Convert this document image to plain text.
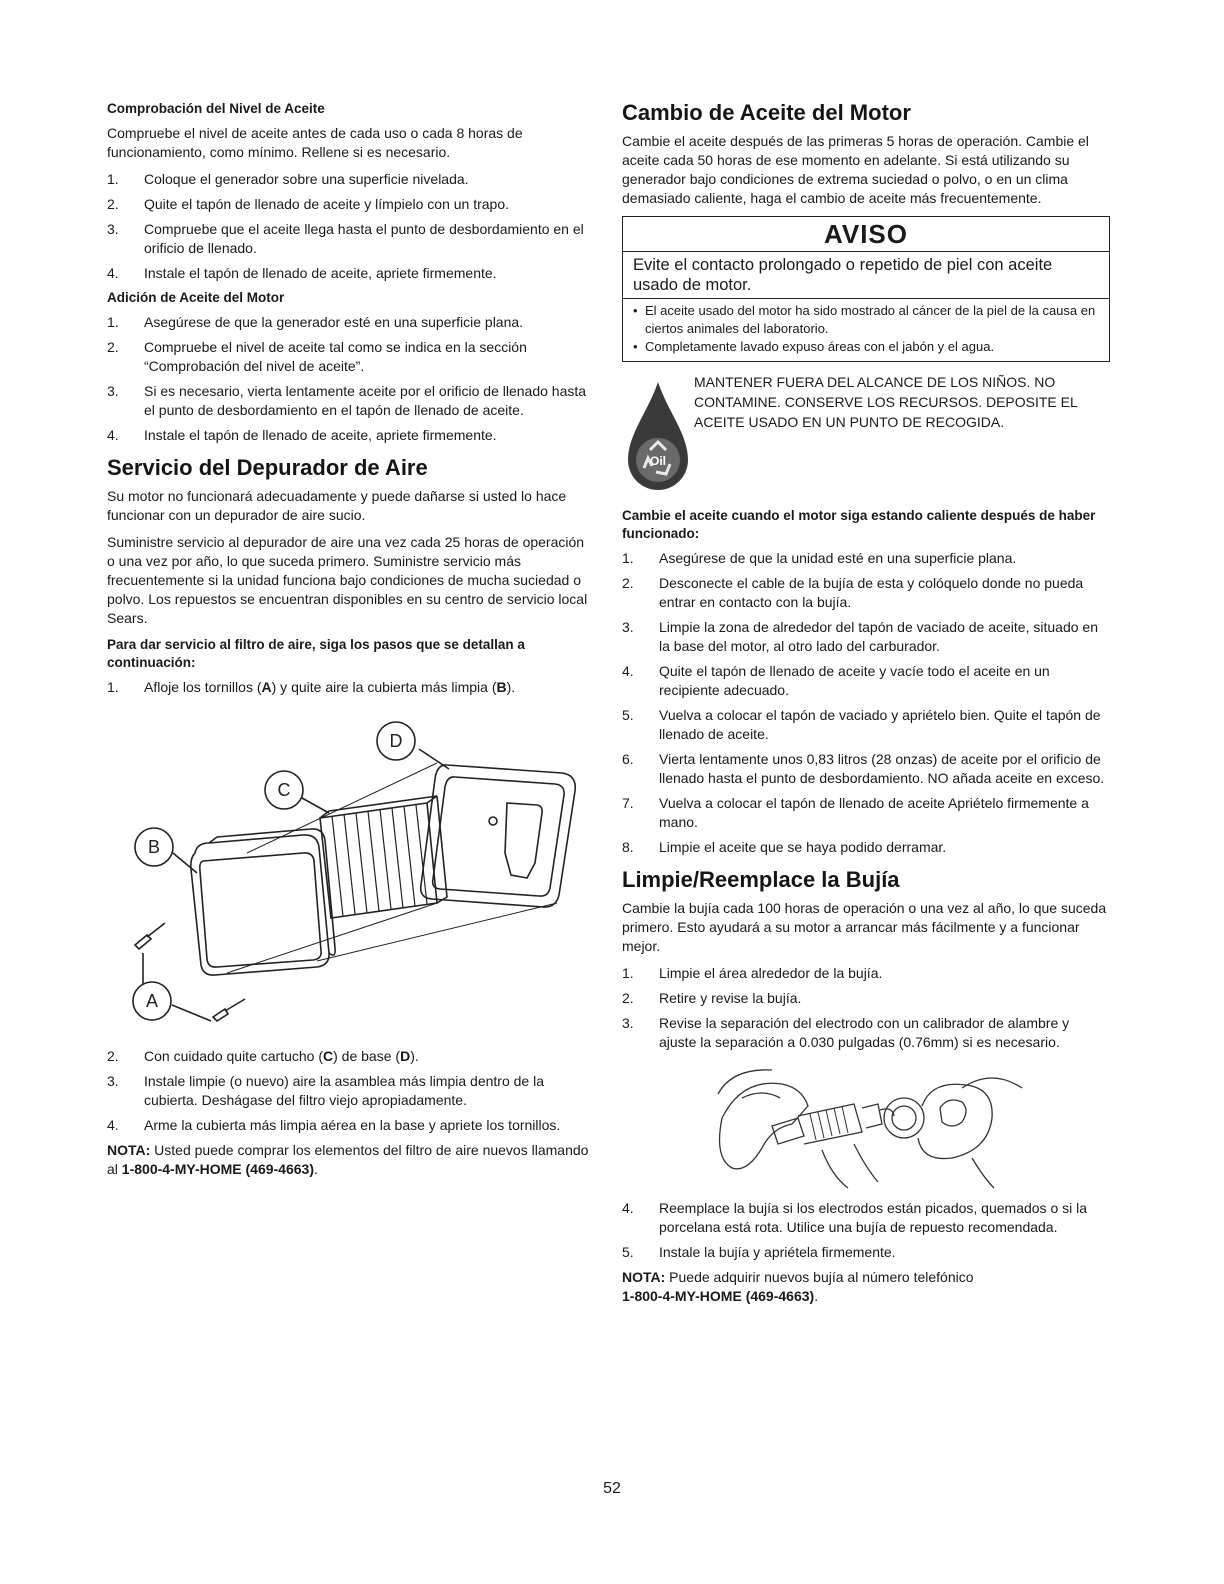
Comprobación del Nivel de Aceite

Compruebe el nivel de aceite antes de cada uso o cada 8 horas de funcionamiento, como mínimo. Rellene si es necesario.

1. Coloque el generador sobre una superficie nivelada.
2. Quite el tapón de llenado de aceite y límpielo con un trapo.
3. Compruebe que el aceite llega hasta el punto de desbordamiento en el orificio de llenado.
4. Instale el tapón de llenado de aceite, apriete firmemente.
Adición de Aceite del Motor
1. Asegúrese de que la generador esté en una superficie plana.
2. Compruebe el nivel de aceite tal como se indica en la sección “Comprobación del nivel de aceite”.
3. Si es necesario, vierta lentamente aceite por el orificio de llenado hasta el punto de desbordamiento en el tapón de llenado de aceite.
4. Instale el tapón de llenado de aceite, apriete firmemente.
Servicio del Depurador de Aire

Su motor no funcionará adecuadamente y puede dañarse si usted lo hace funcionar con un depurador de aire sucio.

Suministre servicio al depurador de aire una vez cada 25 horas de operación o una vez por año, lo que suceda primero. Suministre servicio más frecuentemente si la unidad funciona bajo condiciones de mucha suciedad o polvo. Los repuestos se encuentran disponibles en su centro de servicio local Sears.

Para dar servicio al filtro de aire, siga los pasos que se detallan a continuación:
1. Afloje los tornillos (A) y quite aire la cubierta más limpia (B).
B
C
D
A
2. Con cuidado quite cartucho (C) de base (D).
3. Instale limpie (o nuevo) aire la asamblea más limpia dentro de la cubierta. Deshágase del filtro viejo apropiadamente.
4. Arme la cubierta más limpia aérea en la base y apriete los tornillos.

NOTA: Usted puede comprar los elementos del filtro de aire nuevos llamando al 1-800-4-MY-HOME (469-4663).

Cambio de Aceite del Motor

Cambie el aceite después de las primeras 5 horas de operación. Cambie el aceite cada 50 horas de ese momento en adelante. Si está utilizando su generador bajo condiciones de extrema suciedad o polvo, o en un clima demasiado caliente, haga el cambio de aceite más frecuentemente.

AVISO
Evite el contacto prolongado o repetido de piel con aceite usado de motor.
• El aceite usado del motor ha sido mostrado al cáncer de la piel de la causa en ciertos animales del laboratorio.
• Completamente lavado expuso áreas con el jabón y el agua.
Oil

MANTENER FUERA DEL ALCANCE DE LOS NIÑOS. NO CONTAMINE. CONSERVE LOS RECURSOS. DEPOSITE EL ACEITE USADO EN UN PUNTO DE RECOGIDA.

Cambie el aceite cuando el motor siga estando caliente después de haber funcionado:
1. Asegúrese de que la unidad esté en una superficie plana.
2. Desconecte el cable de la bujía de esta y colóquelo donde no pueda entrar en contacto con la bujía.
3. Limpie la zona de alrededor del tapón de vaciado de aceite, situado en la base del motor, al otro lado del carburador.
4. Quite el tapón de llenado de aceite y vacíe todo el aceite en un recipiente adecuado.
5. Vuelva a colocar el tapón de vaciado y apriételo bien. Quite el tapón de llenado de aceite.
6. Vierta lentamente unos 0,83 litros (28 onzas) de aceite por el orificio de llenado hasta el punto de desbordamiento. NO añada aceite en exceso.
7. Vuelva a colocar el tapón de llenado de aceite Apriételo firmemente a mano.
8. Limpie el aceite que se haya podido derramar.
Limpie/Reemplace la Bujía

Cambie la bujía cada 100 horas de operación o una vez al año, lo que suceda primero. Esto ayudará a su motor a arrancar más fácilmente y a funcionar mejor.

1. Limpie el área alrededor de la bujía.
2. Retire y revise la bujía.
3. Revise la separación del electrodo con un calibrador de alambre y ajuste la separación a 0.030 pulgadas (0.76mm) si es necesario.
4. Reemplace la bujía si los electrodos están picados, quemados o si la porcelana está rota. Utilice una bujía de repuesto recomendada.
5. Instale la bujía y apriétela firmemente.

NOTA: Puede adquirir nuevos bujía al número telefónico
1-800-4-MY-HOME (469-4663).

52
